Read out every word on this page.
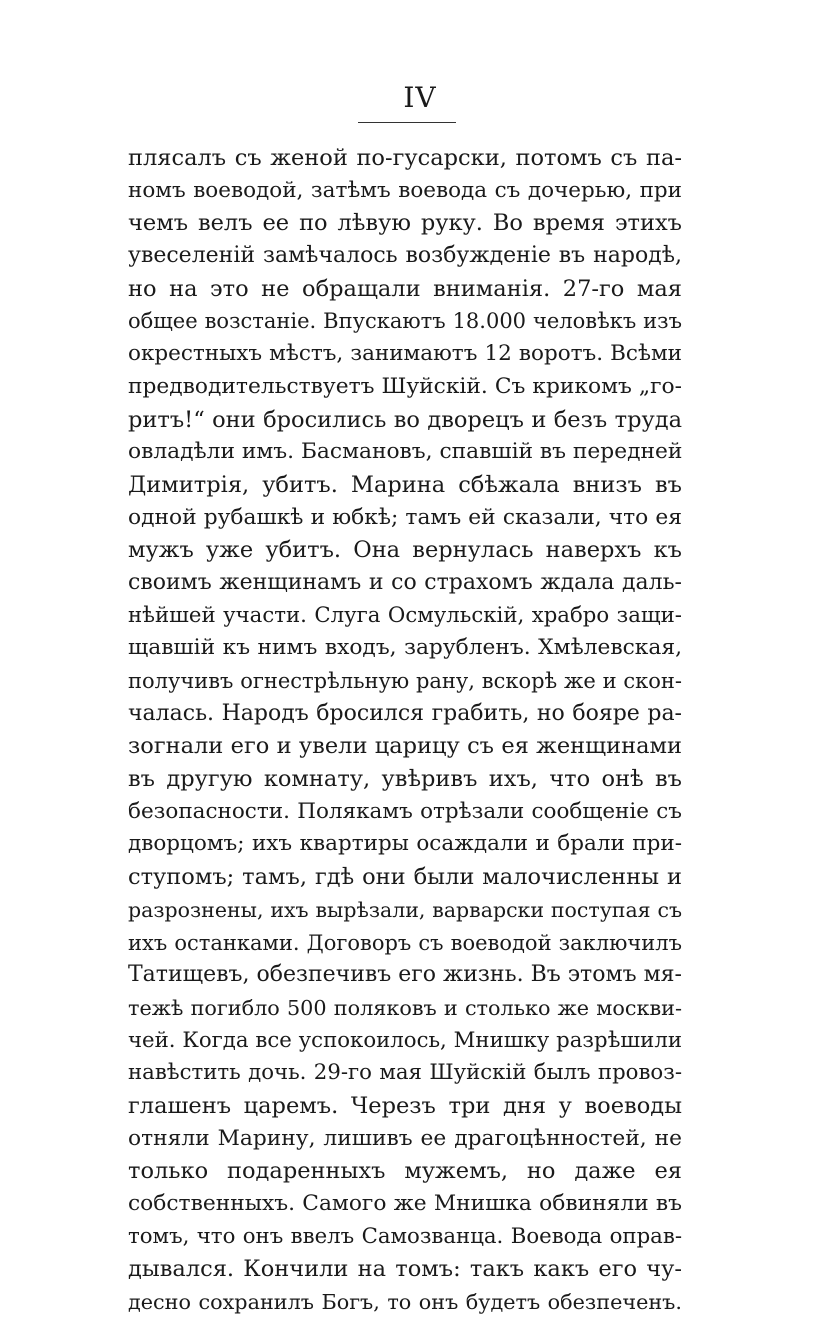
IV
плясалъ съ женой по-гусарски, потомъ съ па-
номъ воеводой, затѣмъ воевода съ дочерью, при
чемъ велъ ее по лѣвую руку. Во время этихъ
увеселеній замѣчалось возбужденіе въ народѣ,
но на это не обращали вниманія. 27-го мая
общее возстаніе. Впускаютъ 18.000 человѣкъ изъ
окрестныхъ мѣстъ, занимаютъ 12 воротъ. Всѣми
предводительствуетъ Шуйскій. Съ крикомъ „го-
ритъ!“ они бросились во дворецъ и безъ труда
овладѣли имъ. Басмановъ, спавшій въ передней
Димитрія, убитъ. Марина сбѣжала внизъ въ
одной рубашкѣ и юбкѣ; тамъ ей сказали, что ея
мужъ уже убитъ. Она вернулась наверхъ къ
своимъ женщинамъ и со страхомъ ждала даль-
нѣйшей участи. Слуга Осмульскій, храбро защи-
щавшій къ нимъ входъ, зарубленъ. Хмѣлевская,
получивъ огнестрѣльную рану, вскорѣ же и скон-
чалась. Народъ бросился грабить, но бояре ра-
зогнали его и увели царицу съ ея женщинами
въ другую комнату, увѣривъ ихъ, что онѣ въ
безопасности. Полякамъ отрѣзали сообщеніе съ
дворцомъ; ихъ квартиры осаждали и брали при-
ступомъ; тамъ, гдѣ они были малочисленны и
разрознены, ихъ вырѣзали, варварски поступая съ
ихъ останками. Договоръ съ воеводой заключилъ
Татищевъ, обезпечивъ его жизнь. Въ этомъ мя-
тежѣ погибло 500 поляковъ и столько же москви-
чей. Когда все успокоилось, Мнишку разрѣшили
навѣстить дочь. 29-го мая Шуйскій былъ провоз-
глашенъ царемъ. Черезъ три дня у воеводы
отняли Марину, лишивъ ее драгоцѣнностей, не
только подаренныхъ мужемъ, но даже ея
собственныхъ. Самого же Мнишка обвиняли въ
томъ, что онъ ввелъ Самозванца. Воевода оправ-
дывался. Кончили на томъ: такъ какъ его чу-
десно сохранилъ Богъ, то онъ будетъ обезпеченъ.
